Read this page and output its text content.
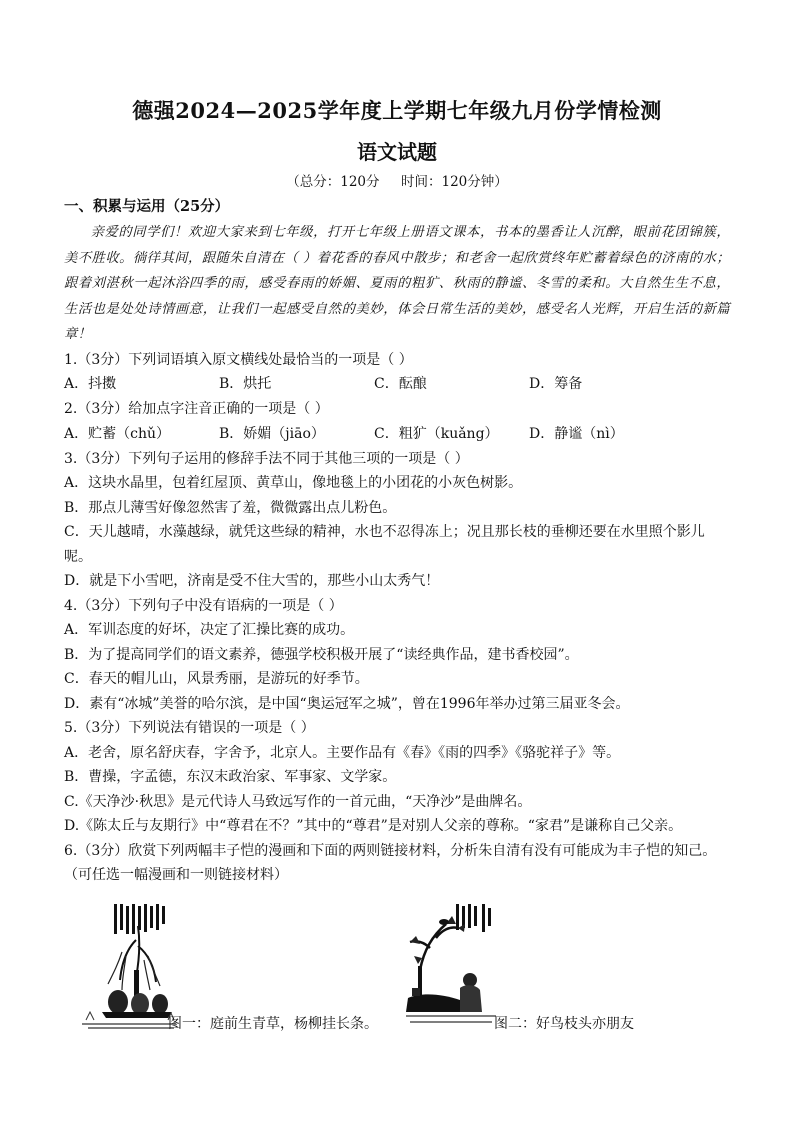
德强2024—2025学年度上学期七年级九月份学情检测
语文试题
（总分：120分     时间：120分钟）
一、积累与运用（25分）
亲爱的同学们！欢迎大家来到七年级，打开七年级上册语文课本，书本的墨香让人沉醉，眼前花团锦簇，美不胜收。徜徉其间，跟随朱自清在（ ）着花香的春风中散步；和老舍一起欣赏终年贮蓄着绿色的济南的水；跟着刘湛秋一起沐浴四季的雨，感受春雨的娇媚、夏雨的粗犷、秋雨的静谧、冬雪的柔和。大自然生生不息，生活也是处处诗情画意，让我们一起感受自然的美妙，体会日常生活的美妙，感受名人光辉，开启生活的新篇章！
1.（3分）下列词语填入原文横线处最恰当的一项是（ ）
A．抖擞	B．烘托	C．酝酿	D．筹备
2.（3分）给加点字注音正确的一项是（ ）
A．贮蓄（chǔ）	B．娇媚（jiāo）	C．粗犷（kuǎng）	D．静谧（nì）
3.（3分）下列句子运用的修辞手法不同于其他三项的一项是（ ）
A．这块水晶里，包着红屋顶、黄草山，像地毯上的小团花的小灰色树影。
B．那点儿薄雪好像忽然害了羞，微微露出点儿粉色。
C．天儿越晴，水藻越绿，就凭这些绿的精神，水也不忍得冻上；况且那长枝的垂柳还要在水里照个影儿
呢。
D．就是下小雪吧，济南是受不住大雪的，那些小山太秀气！
4.（3分）下列句子中没有语病的一项是（ ）
A．军训态度的好坏，决定了汇操比赛的成功。
B．为了提高同学们的语文素养，德强学校积极开展了“读经典作品，建书香校园”。
C．春天的帽儿山，风景秀丽，是游玩的好季节。
D．素有“冰城”美誉的哈尔滨，是中国“奥运冠军之城”，曾在1996年举办过第三届亚冬会。
5.（3分）下列说法有错误的一项是（ ）
A．老舍，原名舒庆春，字舍予，北京人。主要作品有《春》《雨的四季》《骆驼祥子》等。
B．曹操，字孟德，东汉末政治家、军事家、文学家。
C.《天净沙·秋思》是元代诗人马致远写作的一首元曲，“天净沙”是曲牌名。
D.《陈太丘与友期行》中“尊君在不？”其中的“尊君”是对别人父亲的尊称。“家君”是谦称自己父亲。
6.（3分）欣赏下列两幅丰子恺的漫画和下面的两则链接材料，分析朱自清有没有可能成为丰子恺的知己。
（可任选一幅漫画和一则链接材料）
图一：庭前生青草，杨柳挂长条。	图二：好鸟枝头亦朋友
